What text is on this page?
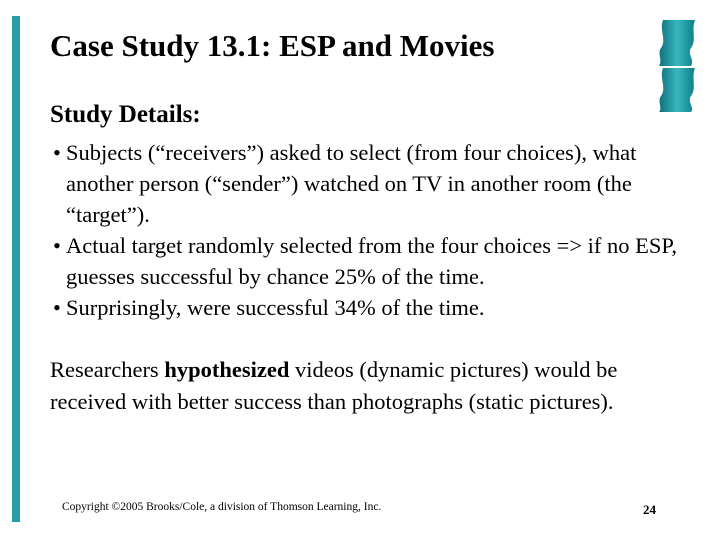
Case Study 13.1: ESP and Movies
Study Details:
• Subjects (“receivers”) asked to select (from four choices), what another person (“sender”) watched on TV in another room (the “target”).
• Actual target randomly selected from the four choices => if no ESP, guesses successful by chance 25% of the time.
• Surprisingly, were successful 34% of the time.
Researchers hypothesized videos (dynamic pictures) would be received with better success than photographs (static pictures).
Copyright ©2005 Brooks/Cole, a division of Thomson Learning, Inc.	24
